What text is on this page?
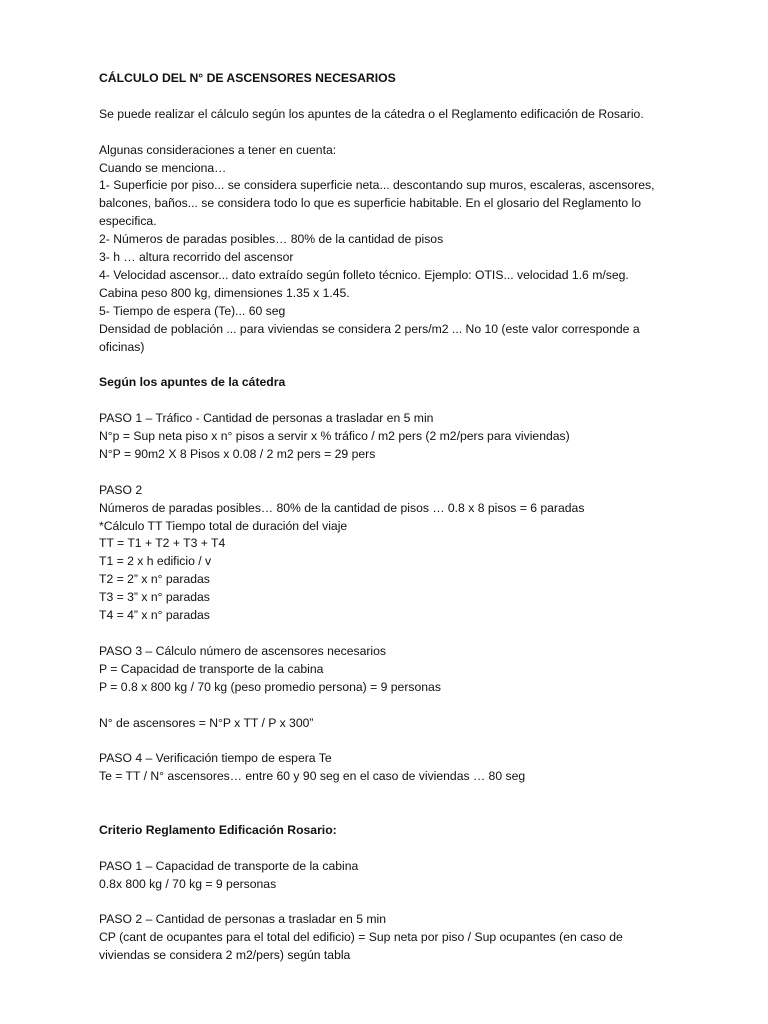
CÁLCULO DEL N° DE ASCENSORES NECESARIOS
Se puede realizar el cálculo según los apuntes de la cátedra o el Reglamento edificación de Rosario.
Algunas consideraciones a tener en cuenta:
Cuando se menciona…
1- Superficie por piso... se considera superficie neta... descontando sup muros, escaleras, ascensores,
balcones, baños... se considera todo lo que es superficie habitable. En el glosario del Reglamento lo
especifica.
2- Números de paradas posibles… 80% de la cantidad de pisos
3- h … altura recorrido del ascensor
4- Velocidad ascensor... dato extraído según folleto técnico. Ejemplo: OTIS... velocidad 1.6 m/seg.
Cabina peso 800 kg, dimensiones 1.35 x 1.45.
5- Tiempo de espera (Te)... 60 seg
Densidad de población ... para viviendas se considera 2 pers/m2 ... No 10 (este valor corresponde a
oficinas)
Según los apuntes de la cátedra
PASO 1 – Tráfico - Cantidad de personas a trasladar en 5 min
N°p = Sup neta piso x n° pisos a servir x % tráfico / m2 pers (2 m2/pers para viviendas)
N°P = 90m2 X 8 Pisos x 0.08 / 2 m2 pers = 29 pers
PASO 2
Números de paradas posibles… 80% de la cantidad de pisos … 0.8 x 8 pisos = 6 paradas
*Cálculo TT Tiempo total de duración del viaje
TT = T1 + T2 + T3 + T4
T1 = 2 x h edificio / v
T2 = 2” x n° paradas
T3 = 3” x n° paradas
T4 = 4” x n° paradas
PASO 3 – Cálculo número de ascensores necesarios
P = Capacidad de transporte de la cabina
P = 0.8 x 800 kg / 70 kg (peso promedio persona) = 9 personas
N° de ascensores = N°P x TT / P x 300”
PASO 4 – Verificación tiempo de espera Te
Te = TT / N° ascensores… entre 60 y 90 seg en el caso de viviendas … 80 seg
Criterio Reglamento Edificación Rosario:
PASO 1 – Capacidad de transporte de la cabina
0.8x 800 kg / 70 kg = 9 personas
PASO 2 – Cantidad de personas a trasladar en 5 min
CP (cant de ocupantes para el total del edificio) = Sup neta por piso / Sup ocupantes (en caso de
viviendas se considera 2 m2/pers) según tabla
